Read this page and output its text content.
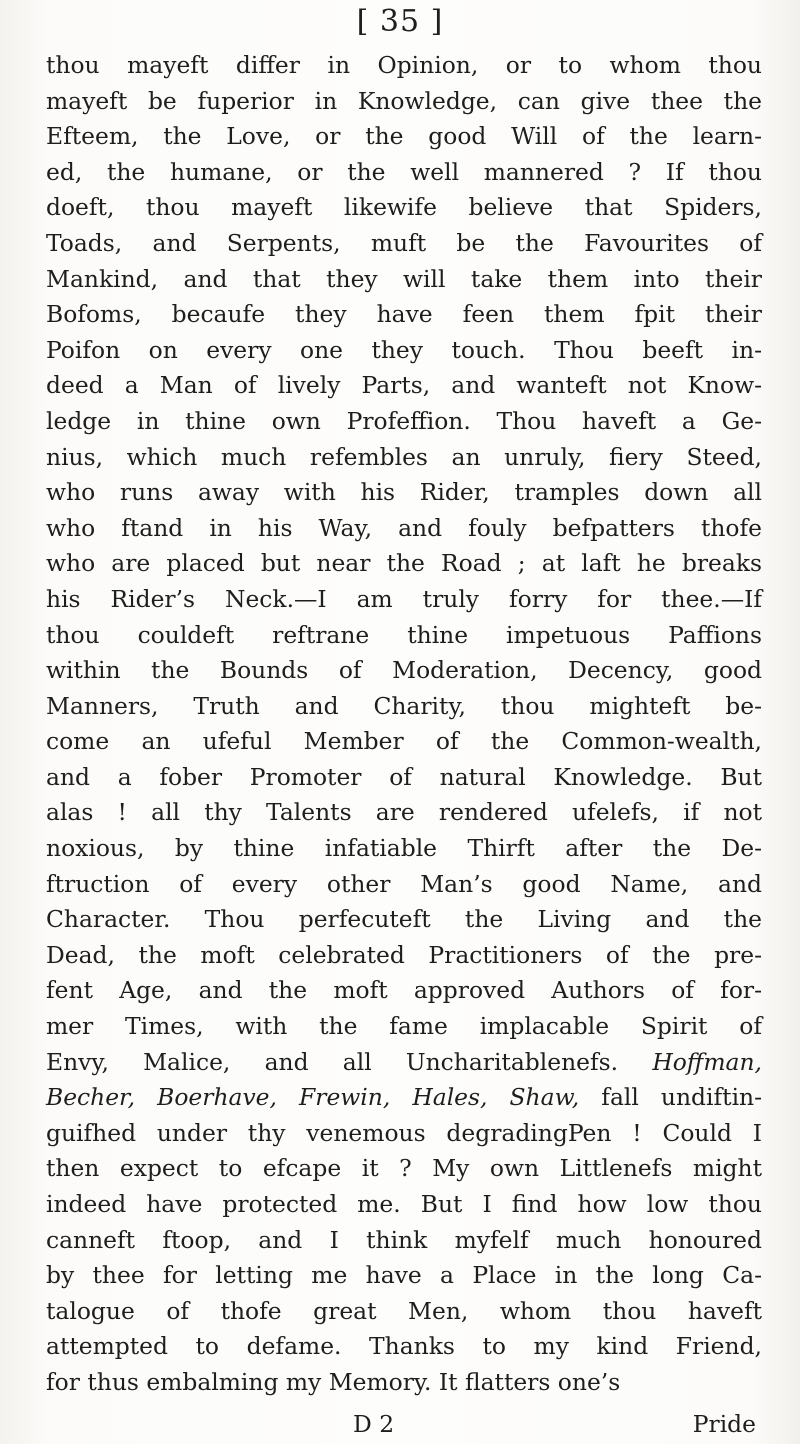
[ 35 ]
thou mayeft differ in Opinion, or to whom thou
mayeft be fuperior in Knowledge, can give thee the
Efteem, the Love, or the good Will of the learn-
ed, the humane, or the well mannered ? If thou
doeft, thou mayeft likewife believe that Spiders,
Toads, and Serpents, muft be the Favourites of
Mankind, and that they will take them into their
Bofoms, becaufe they have feen them fpit their
Poifon on every one they touch. Thou beeft in-
deed a Man of lively Parts, and wanteft not Know-
ledge in thine own Profeffion. Thou haveft a Ge-
nius, which much refembles an unruly, fiery Steed,
who runs away with his Rider, tramples down all
who ftand in his Way, and fouly befpatters thofe
who are placed but near the Road ; at laft he breaks
his Rider’s Neck.—I am truly forry for thee.—If
thou couldeft reftrane thine impetuous Paffions
within the Bounds of Moderation, Decency, good
Manners, Truth and Charity, thou mighteft be-
come an ufeful Member of the Common-wealth,
and a fober Promoter of natural Knowledge. But
alas ! all thy Talents are rendered ufelefs, if not
noxious, by thine infatiable Thirft after the De-
ftruction of every other Man’s good Name, and
Character. Thou perfecuteft the Living and the
Dead, the moft celebrated Practitioners of the pre-
fent Age, and the moft approved Authors of for-
mer Times, with the fame implacable Spirit of
Envy, Malice, and all Uncharitablenefs. Hoffman,
Becher, Boerhave, Frewin, Hales, Shaw, fall undiftin-
guifhed under thy venemous degradingPen ! Could I
then expect to efcape it ? My own Littlenefs might
indeed have protected me. But I find how low thou
canneft ftoop, and I think myfelf much honoured
by thee for letting me have a Place in the long Ca-
talogue of thofe great Men, whom thou haveft
attempted to defame. Thanks to my kind Friend,
for thus embalming my Memory. It flatters one’s
D 2	Pride
